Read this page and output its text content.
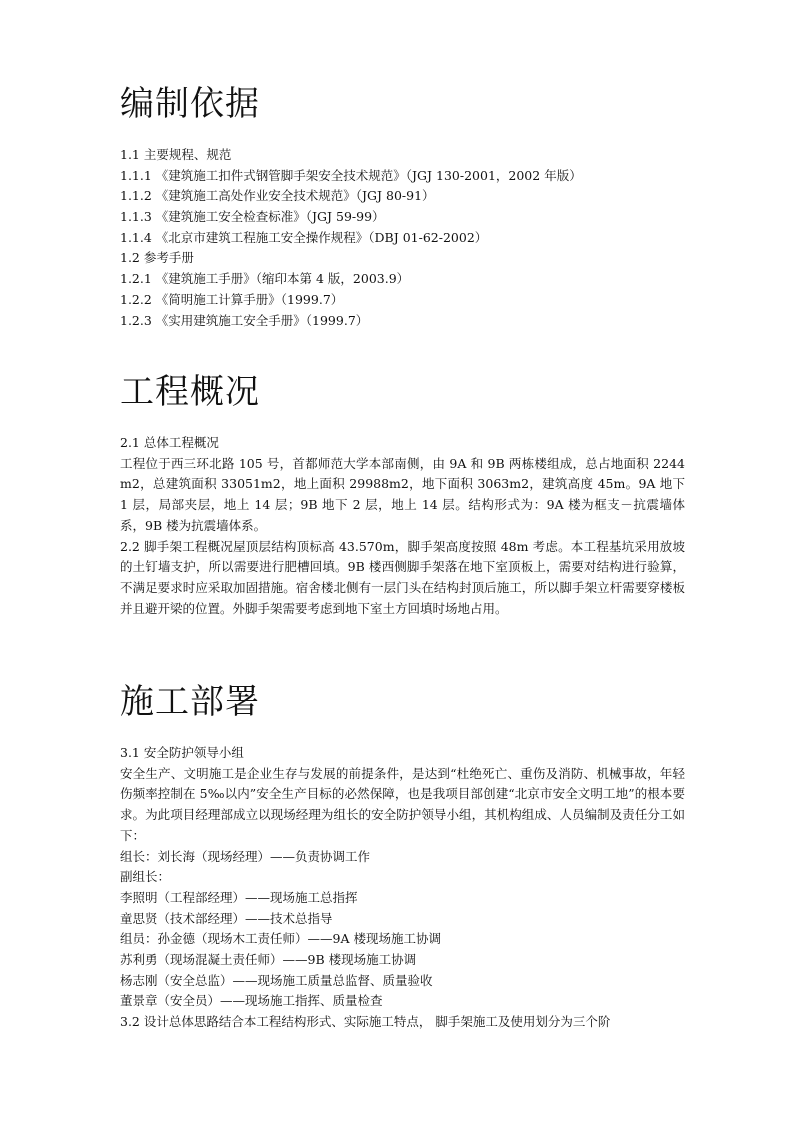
编制依据
1.1 主要规程、规范
1.1.1 《建筑施工扣件式钢管脚手架安全技术规范》（JGJ 130-2001，2002 年版）
1.1.2 《建筑施工高处作业安全技术规范》（JGJ 80-91）
1.1.3 《建筑施工安全检查标准》（JGJ 59-99）
1.1.4 《北京市建筑工程施工安全操作规程》（DBJ 01-62-2002）
1.2 参考手册
1.2.1 《建筑施工手册》（缩印本第 4 版，2003.9）
1.2.2 《简明施工计算手册》（1999.7）
1.2.3 《实用建筑施工安全手册》（1999.7）
工程概况
2.1 总体工程概况

工程位于西三环北路 105 号，首都师范大学本部南侧，由 9A 和 9B 两栋楼组成，总占地面积 2244m2，总建筑面积 33051m2，地上面积 29988m2，地下面积 3063m2，建筑高度 45m。9A 地下 1 层，局部夹层，地上 14 层；9B 地下 2 层，地上 14 层。结构形式为：9A 楼为框支－抗震墙体系，9B 楼为抗震墙体系。

2.2 脚手架工程概况屋顶层结构顶标高 43.570m，脚手架高度按照 48m 考虑。本工程基坑采用放坡的土钉墙支护，所以需要进行肥槽回填。9B 楼西侧脚手架落在地下室顶板上，需要对结构进行验算，不满足要求时应采取加固措施。宿舍楼北侧有一层门头在结构封顶后施工，所以脚手架立杆需要穿楼板并且避开梁的位置。外脚手架需要考虑到地下室土方回填时场地占用。

施工部署
3.1 安全防护领导小组

安全生产、文明施工是企业生存与发展的前提条件，是达到“杜绝死亡、重伤及消防、机械事故，年轻伤频率控制在 5‰以内”安全生产目标的必然保障，也是我项目部创建“北京市安全文明工地”的根本要求。为此项目经理部成立以现场经理为组长的安全防护领导小组，其机构组成、人员编制及责任分工如下：

组长：刘长海（现场经理）——负责协调工作
副组长：
李照明（工程部经理）——现场施工总指挥
童思贤（技术部经理）——技术总指导
组员：孙金德（现场木工责任师）——9A 楼现场施工协调
苏利勇（现场混凝土责任师）——9B 楼现场施工协调
杨志刚（安全总监）——现场施工质量总监督、质量验收
董景章（安全员）——现场施工指挥、质量检查
3.2 设计总体思路结合本工程结构形式、实际施工特点， 脚手架施工及使用划分为三个阶
